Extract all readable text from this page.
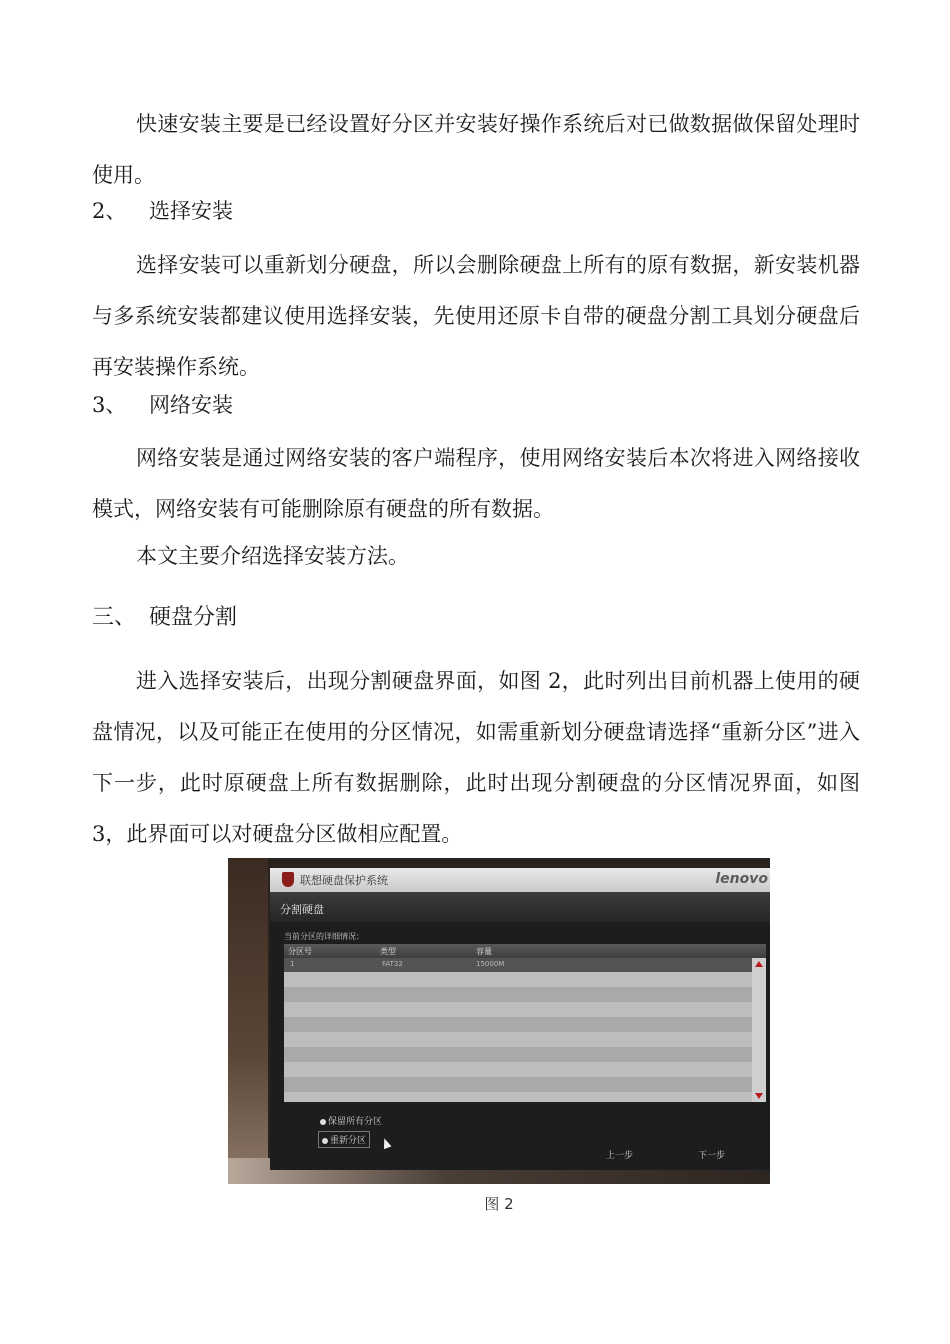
快速安装主要是已经设置好分区并安装好操作系统后对已做数据做保留处理时使用。

2、 选择安装

选择安装可以重新划分硬盘，所以会删除硬盘上所有的原有数据，新安装机器与多系统安装都建议使用选择安装，先使用还原卡自带的硬盘分割工具划分硬盘后再安装操作系统。

3、 网络安装

网络安装是通过网络安装的客户端程序，使用网络安装后本次将进入网络接收模式，网络安装有可能删除原有硬盘的所有数据。

本文主要介绍选择安装方法。

三、 硬盘分割

进入选择安装后，出现分割硬盘界面，如图 2，此时列出目前机器上使用的硬盘情况，以及可能正在使用的分区情况，如需重新划分硬盘请选择“重新分区”进入下一步，此时原硬盘上所有数据删除，此时出现分割硬盘的分区情况界面，如图 3，此界面可以对硬盘分区做相应配置。

联想硬盘保护系统	lenovo
分割硬盘
当前分区的详细情况：
分区号	类型	容量
1	FAT32	15000M
保留所有分区
重新分区
上一步	下一步
图 2
